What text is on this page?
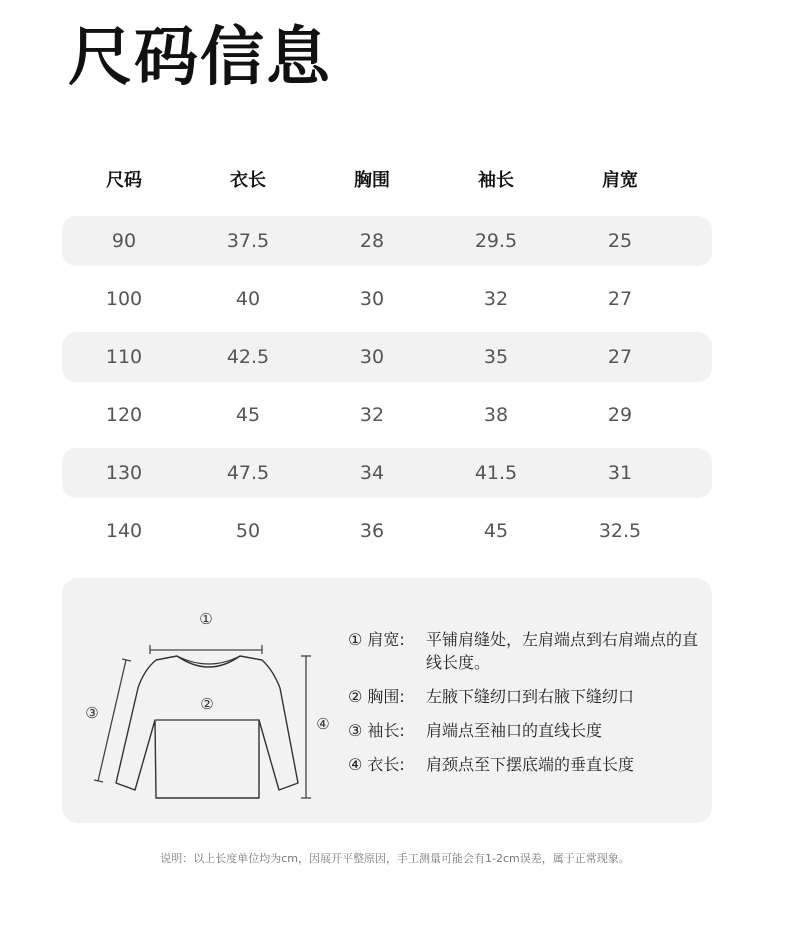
尺码信息
尺码	衣长	胸围	袖长	肩宽
90	37.5	28	29.5	25
100	40	30	32	27
110	42.5	30	35	27
120	45	32	38	29
130	47.5	34	41.5	31
140	50	36	45	32.5
①
②
③
④
① 肩宽:	平铺肩缝处，左肩端点到右肩端点的直线长度。
② 胸围:	左腋下缝纫口到右腋下缝纫口
③ 袖长:	肩端点至袖口的直线长度
④ 衣长:	肩颈点至下摆底端的垂直长度
说明：以上长度单位均为cm，因展开平整原因，手工测量可能会有1-2cm误差，属于正常现象。
